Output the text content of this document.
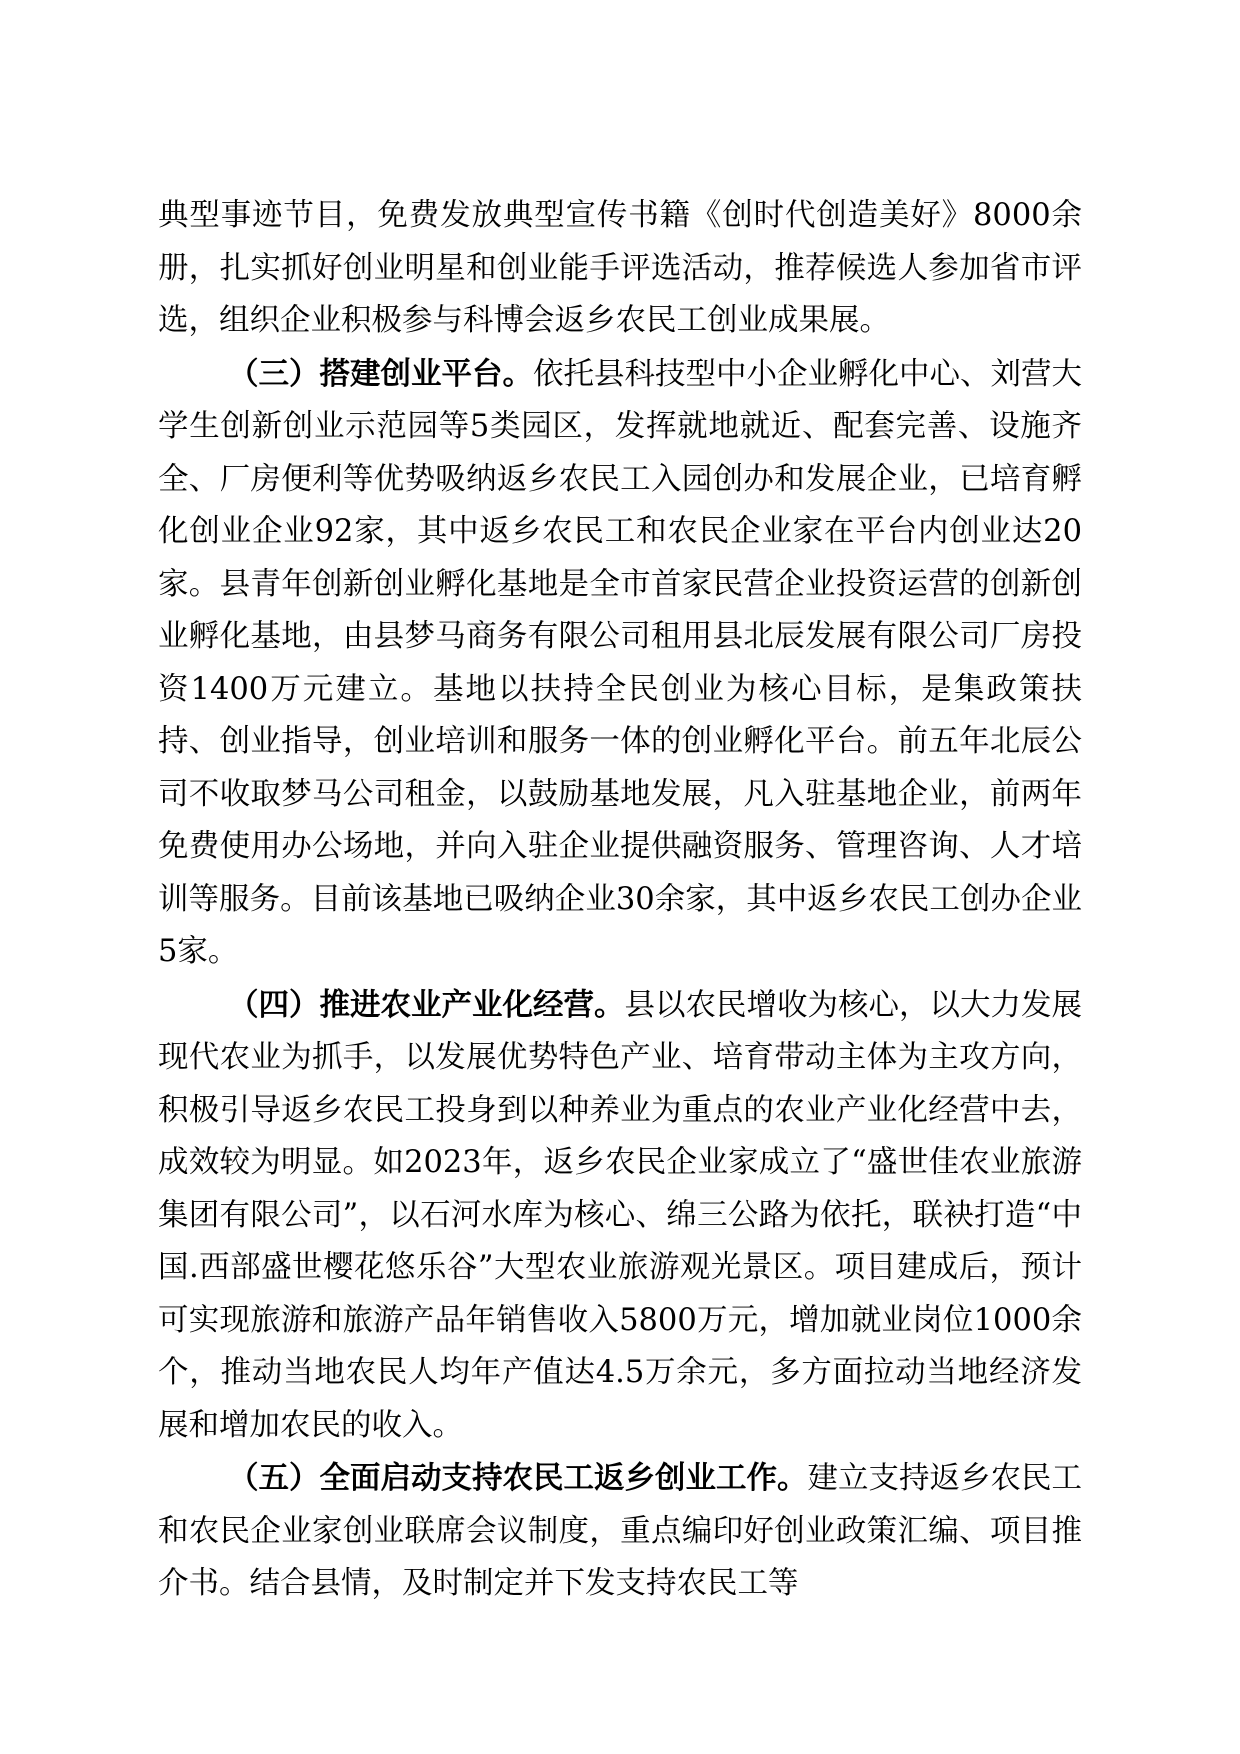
典型事迹节目，免费发放典型宣传书籍《创时代创造美好》8000余册，扎实抓好创业明星和创业能手评选活动，推荐候选人参加省市评选，组织企业积极参与科博会返乡农民工创业成果展。

（三）搭建创业平台。依托县科技型中小企业孵化中心、刘营大学生创新创业示范园等5类园区，发挥就地就近、配套完善、设施齐全、厂房便利等优势吸纳返乡农民工入园创办和发展企业，已培育孵化创业企业92家，其中返乡农民工和农民企业家在平台内创业达20家。县青年创新创业孵化基地是全市首家民营企业投资运营的创新创业孵化基地，由县梦马商务有限公司租用县北辰发展有限公司厂房投资1400万元建立。基地以扶持全民创业为核心目标，是集政策扶持、创业指导，创业培训和服务一体的创业孵化平台。前五年北辰公司不收取梦马公司租金，以鼓励基地发展，凡入驻基地企业，前两年免费使用办公场地，并向入驻企业提供融资服务、管理咨询、人才培训等服务。目前该基地已吸纳企业30余家，其中返乡农民工创办企业5家。

（四）推进农业产业化经营。县以农民增收为核心，以大力发展现代农业为抓手，以发展优势特色产业、培育带动主体为主攻方向，积极引导返乡农民工投身到以种养业为重点的农业产业化经营中去，成效较为明显。如2023年，返乡农民企业家成立了“盛世佳农业旅游集团有限公司”，以石河水库为核心、绵三公路为依托，联袂打造“中国.西部盛世樱花悠乐谷”大型农业旅游观光景区。项目建成后，预计可实现旅游和旅游产品年销售收入5800万元，增加就业岗位1000余个，推动当地农民人均年产值达4.5万余元，多方面拉动当地经济发展和增加农民的收入。

（五）全面启动支持农民工返乡创业工作。建立支持返乡农民工和农民企业家创业联席会议制度，重点编印好创业政策汇编、项目推介书。结合县情，及时制定并下发支持农民工等
